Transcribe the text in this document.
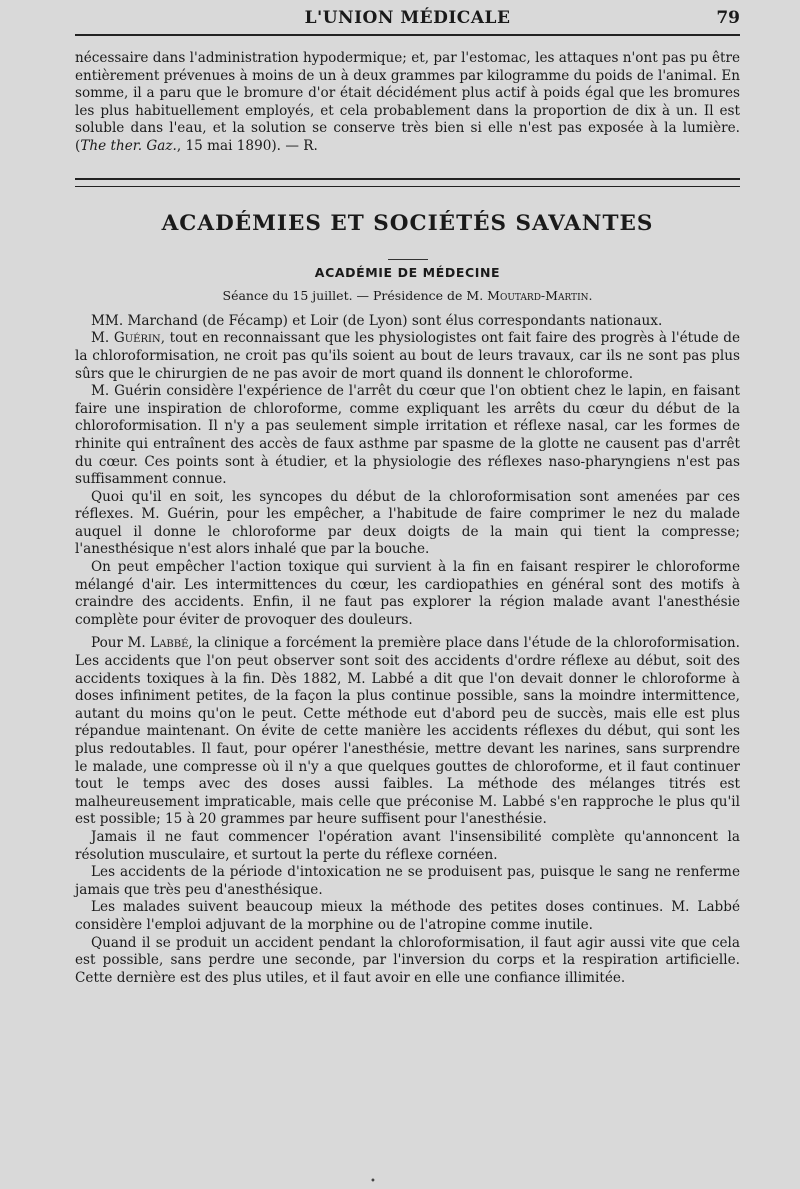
L'UNION MÉDICALE	79

nécessaire dans l'administration hypodermique; et, par l'estomac, les attaques n'ont pas pu être entièrement prévenues à moins de un à deux grammes par kilogramme du poids de l'animal. En somme, il a paru que le bromure d'or était décidément plus actif à poids égal que les bromures les plus habituellement employés, et cela probablement dans la proportion de dix à un. Il est soluble dans l'eau, et la solution se conserve très bien si elle n'est pas exposée à la lumière. (The ther. Gaz., 15 mai 1890). — R.

ACADÉMIES ET SOCIÉTÉS SAVANTES
ACADÉMIE DE MÉDECINE
Séance du 15 juillet. — Présidence de M. Moutard-Martin.

MM. Marchand (de Fécamp) et Loir (de Lyon) sont élus correspondants nationaux.

M. Guérin, tout en reconnaissant que les physiologistes ont fait faire des progrès à l'étude de la chloroformisation, ne croit pas qu'ils soient au bout de leurs travaux, car ils ne sont pas plus sûrs que le chirurgien de ne pas avoir de mort quand ils donnent le chloroforme.

M. Guérin considère l'expérience de l'arrêt du cœur que l'on obtient chez le lapin, en faisant faire une inspiration de chloroforme, comme expliquant les arrêts du cœur du début de la chloroformisation. Il n'y a pas seulement simple irritation et réflexe nasal, car les formes de rhinite qui entraînent des accès de faux asthme par spasme de la glotte ne causent pas d'arrêt du cœur. Ces points sont à étudier, et la physiologie des réflexes naso-pharyngiens n'est pas suffisamment connue.

Quoi qu'il en soit, les syncopes du début de la chloroformisation sont amenées par ces réflexes. M. Guérin, pour les empêcher, a l'habitude de faire comprimer le nez du malade auquel il donne le chloroforme par deux doigts de la main qui tient la compresse; l'anesthésique n'est alors inhalé que par la bouche.

On peut empêcher l'action toxique qui survient à la fin en faisant respirer le chloroforme mélangé d'air. Les intermittences du cœur, les cardiopathies en général sont des motifs à craindre des accidents. Enfin, il ne faut pas explorer la région malade avant l'anesthésie complète pour éviter de provoquer des douleurs.

Pour M. Labbé, la clinique a forcément la première place dans l'étude de la chloroformisation. Les accidents que l'on peut observer sont soit des accidents d'ordre réflexe au début, soit des accidents toxiques à la fin. Dès 1882, M. Labbé a dit que l'on devait donner le chloroforme à doses infiniment petites, de la façon la plus continue possible, sans la moindre intermittence, autant du moins qu'on le peut. Cette méthode eut d'abord peu de succès, mais elle est plus répandue maintenant. On évite de cette manière les accidents réflexes du début, qui sont les plus redoutables. Il faut, pour opérer l'anesthésie, mettre devant les narines, sans surprendre le malade, une compresse où il n'y a que quelques gouttes de chloroforme, et il faut continuer tout le temps avec des doses aussi faibles. La méthode des mélanges titrés est malheureusement impraticable, mais celle que préconise M. Labbé s'en rapproche le plus qu'il est possible; 15 à 20 grammes par heure suffisent pour l'anesthésie.

Jamais il ne faut commencer l'opération avant l'insensibilité complète qu'annoncent la résolution musculaire, et surtout la perte du réflexe cornéen.

Les accidents de la période d'intoxication ne se produisent pas, puisque le sang ne renferme jamais que très peu d'anesthésique.

Les malades suivent beaucoup mieux la méthode des petites doses continues. M. Labbé considère l'emploi adjuvant de la morphine ou de l'atropine comme inutile.

Quand il se produit un accident pendant la chloroformisation, il faut agir aussi vite que cela est possible, sans perdre une seconde, par l'inversion du corps et la respiration artificielle. Cette dernière est des plus utiles, et il faut avoir en elle une confiance illimitée.

•
